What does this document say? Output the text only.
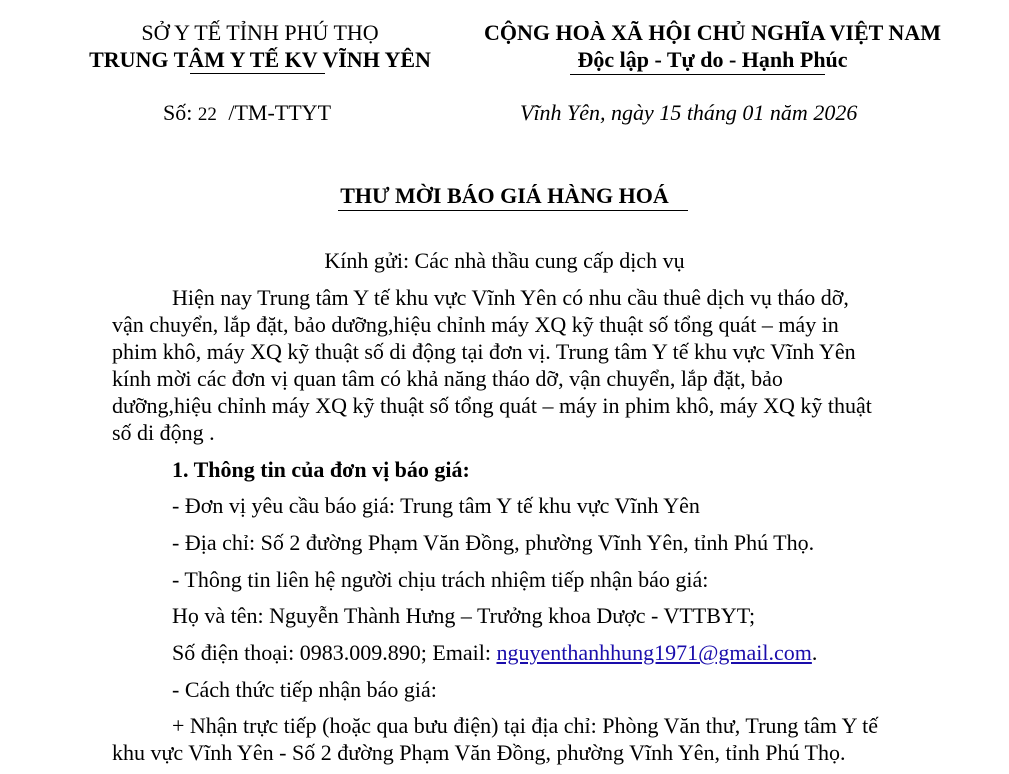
SỞ Y TẾ TỈNH PHÚ THỌ
TRUNG TÂM Y TẾ KV VĨNH YÊN
CỘNG HOÀ XÃ HỘI CHỦ NGHĨA VIỆT NAM
Độc lập - Tự do - Hạnh Phúc
Số: 22 /TM-TTYT	Vĩnh Yên, ngày 15 tháng 01 năm 2026
THƯ MỜI BÁO GIÁ HÀNG HOÁ
Kính gửi: Các nhà thầu cung cấp dịch vụ
Hiện nay Trung tâm Y tế khu vực Vĩnh Yên có nhu cầu thuê dịch vụ tháo dỡ,
vận chuyển, lắp đặt, bảo dưỡng,hiệu chỉnh máy XQ kỹ thuật số tổng quát – máy in
phim khô, máy XQ kỹ thuật số di động tại đơn vị. Trung tâm Y tế khu vực Vĩnh Yên
kính mời các đơn vị quan tâm có khả năng tháo dỡ, vận chuyển, lắp đặt, bảo
dưỡng,hiệu chỉnh máy XQ kỹ thuật số tổng quát – máy in phim khô, máy XQ kỹ thuật
số di động .
1. Thông tin của đơn vị báo giá:
- Đơn vị yêu cầu báo giá: Trung tâm Y tế khu vực Vĩnh Yên
- Địa chỉ: Số 2 đường Phạm Văn Đồng, phường Vĩnh Yên, tỉnh Phú Thọ.
- Thông tin liên hệ người chịu trách nhiệm tiếp nhận báo giá:
Họ và tên: Nguyễn Thành Hưng – Trưởng khoa Dược - VTTBYT;
Số điện thoại: 0983.009.890; Email: nguyenthanhhung1971@gmail.com.
- Cách thức tiếp nhận báo giá:
+ Nhận trực tiếp (hoặc qua bưu điện) tại địa chỉ: Phòng Văn thư, Trung tâm Y tế
khu vực Vĩnh Yên - Số 2 đường Phạm Văn Đồng, phường Vĩnh Yên, tỉnh Phú Thọ.
